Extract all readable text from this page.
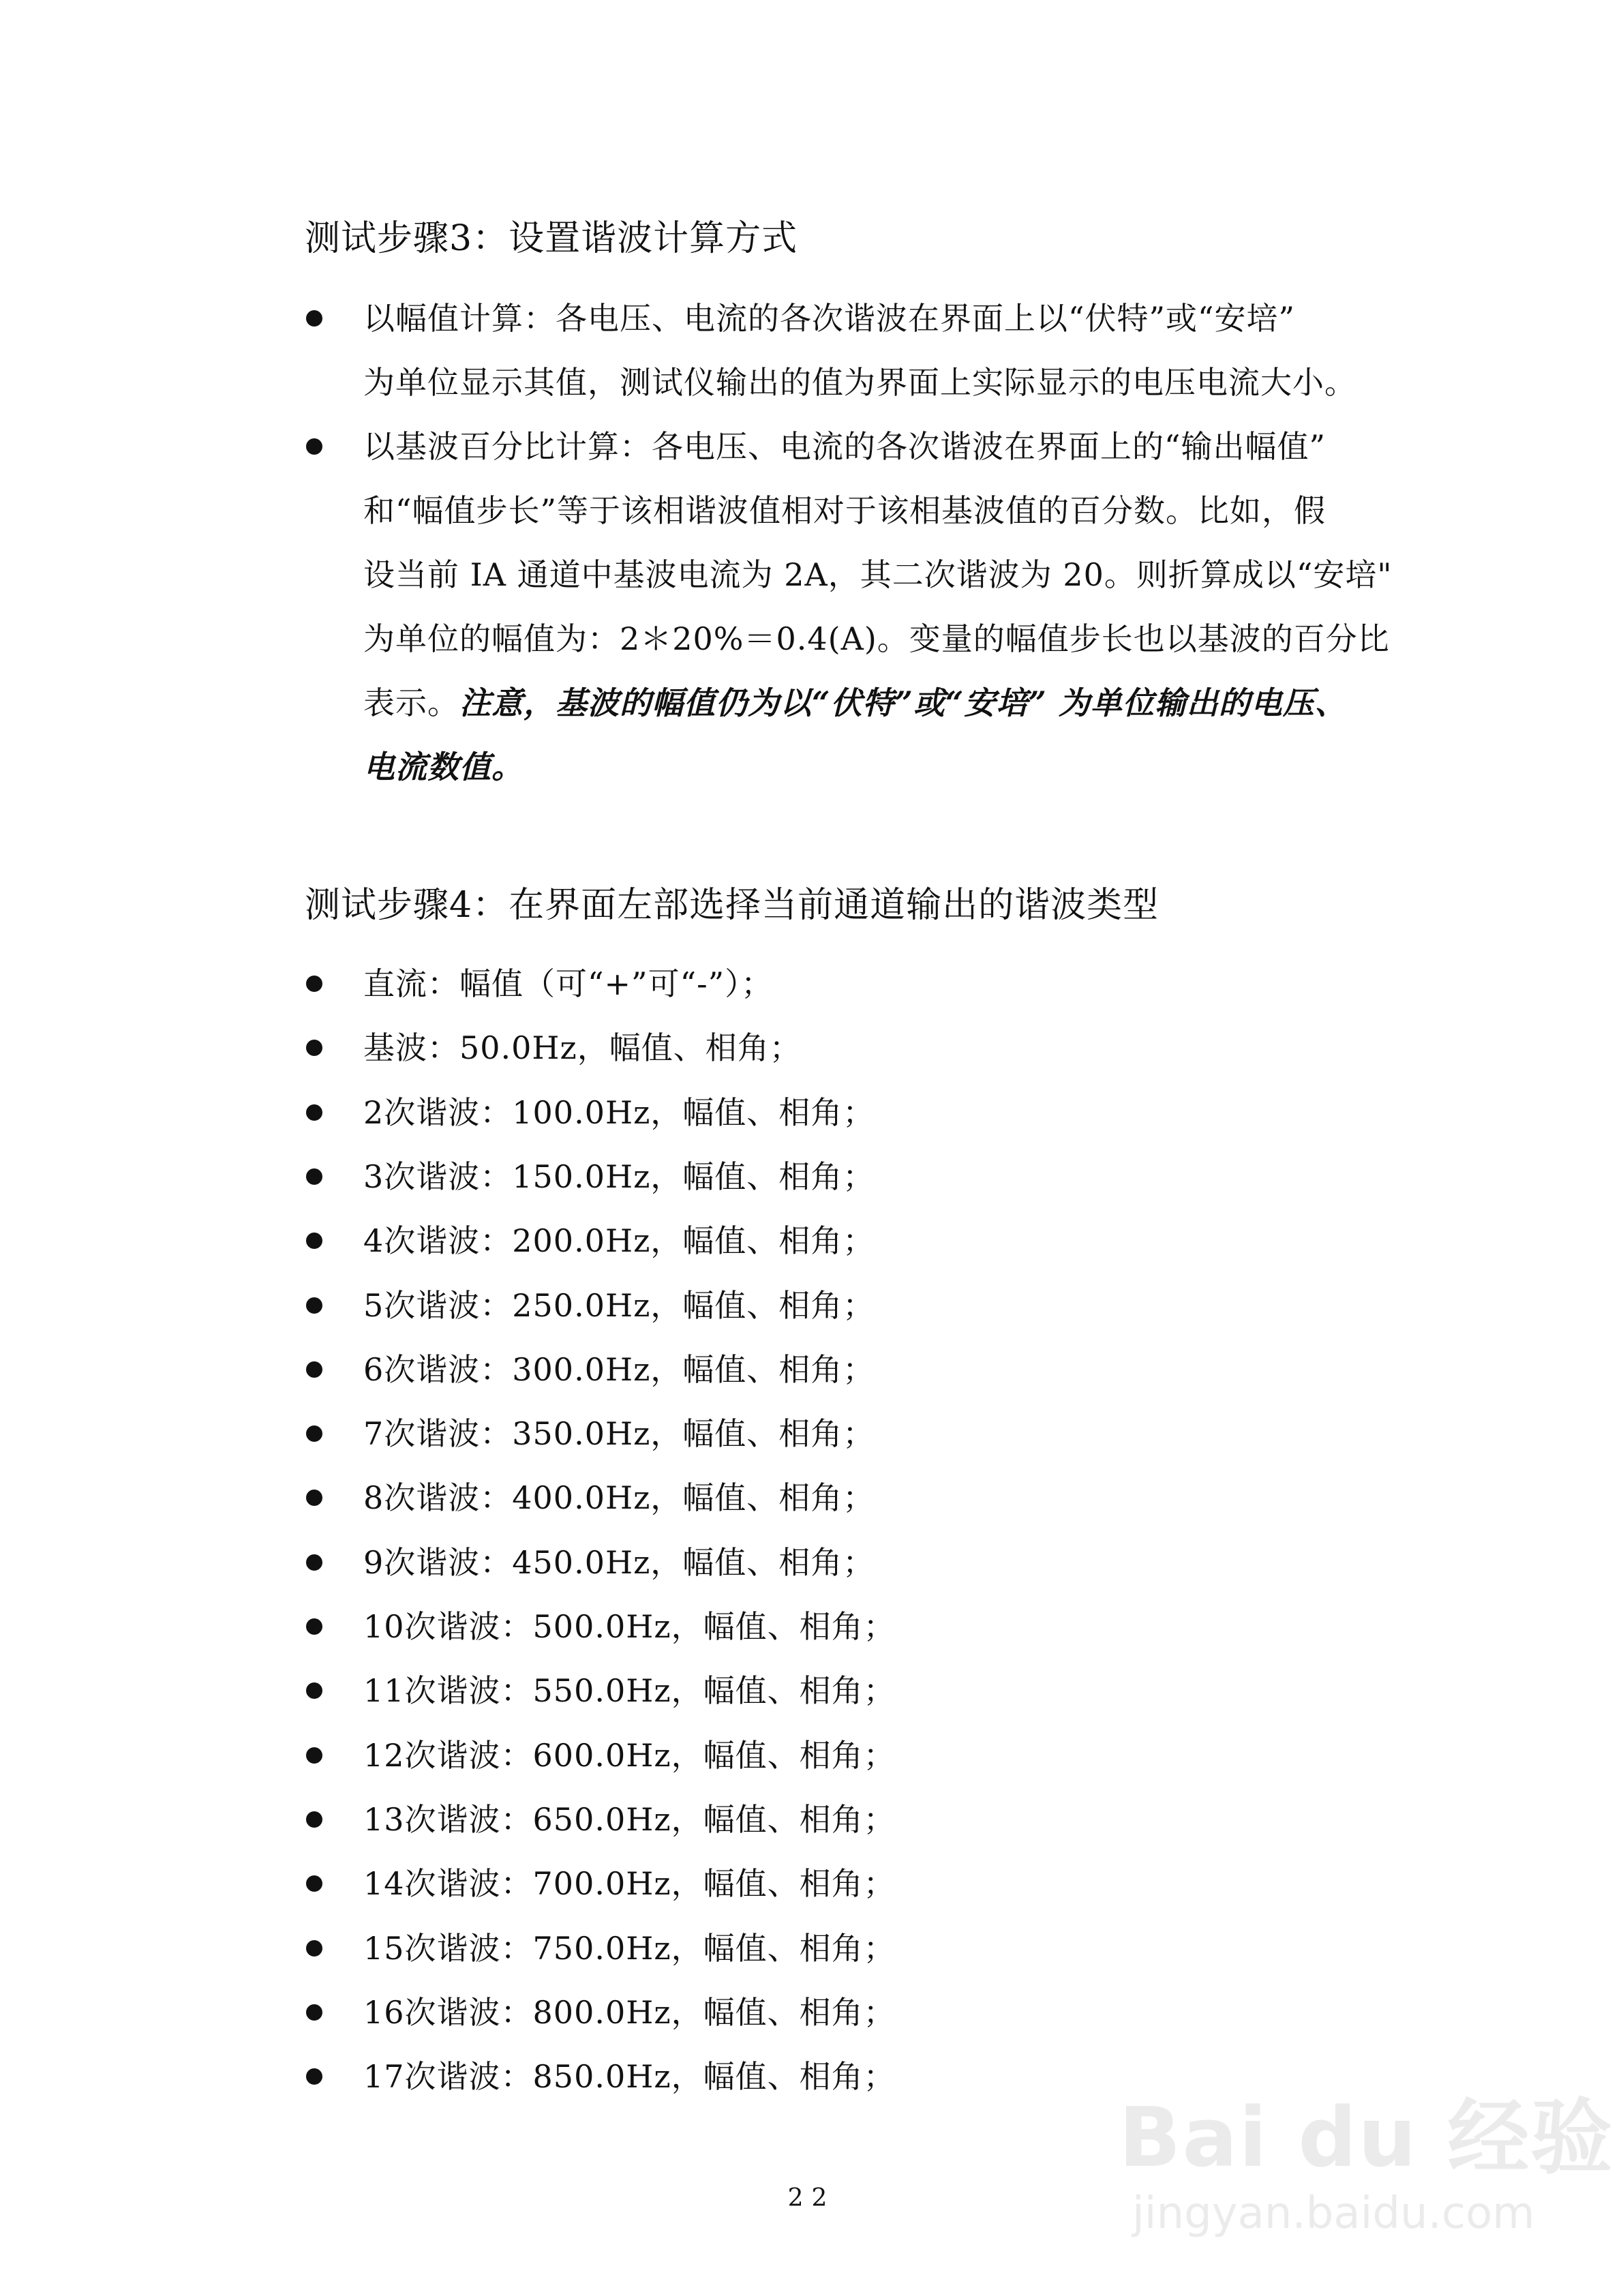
测试步骤3：设置谐波计算方式
以幅值计算：各电压、电流的各次谐波在界面上以“伏特”或“安培”
为单位显示其值，测试仪输出的值为界面上实际显示的电压电流大小。
以基波百分比计算：各电压、电流的各次谐波在界面上的“输出幅值”
和“幅值步长”等于该相谐波值相对于该相基波值的百分数。比如，假
设当前 IA 通道中基波电流为 2A，其二次谐波为 20。则折算成以“安培"
为单位的幅值为：2＊20%＝0.4(A)。变量的幅值步长也以基波的百分比
表示。注意，基波的幅值仍为以“伏特”或“安培” 为单位输出的电压、
电流数值。
测试步骤4：在界面左部选择当前通道输出的谐波类型
直流：幅值（可“+”可“-”）；
基波：50.0Hz，幅值、相角；
2次谐波：100.0Hz，幅值、相角；
3次谐波：150.0Hz，幅值、相角；
4次谐波：200.0Hz，幅值、相角；
5次谐波：250.0Hz，幅值、相角；
6次谐波：300.0Hz，幅值、相角；
7次谐波：350.0Hz，幅值、相角；
8次谐波：400.0Hz，幅值、相角；
9次谐波：450.0Hz，幅值、相角；
10次谐波：500.0Hz，幅值、相角；
11次谐波：550.0Hz，幅值、相角；
12次谐波：600.0Hz，幅值、相角；
13次谐波：650.0Hz，幅值、相角；
14次谐波：700.0Hz，幅值、相角；
15次谐波：750.0Hz，幅值、相角；
16次谐波：800.0Hz，幅值、相角；
17次谐波：850.0Hz，幅值、相角；
22
Bai du 经验
jingyan.baidu.com
